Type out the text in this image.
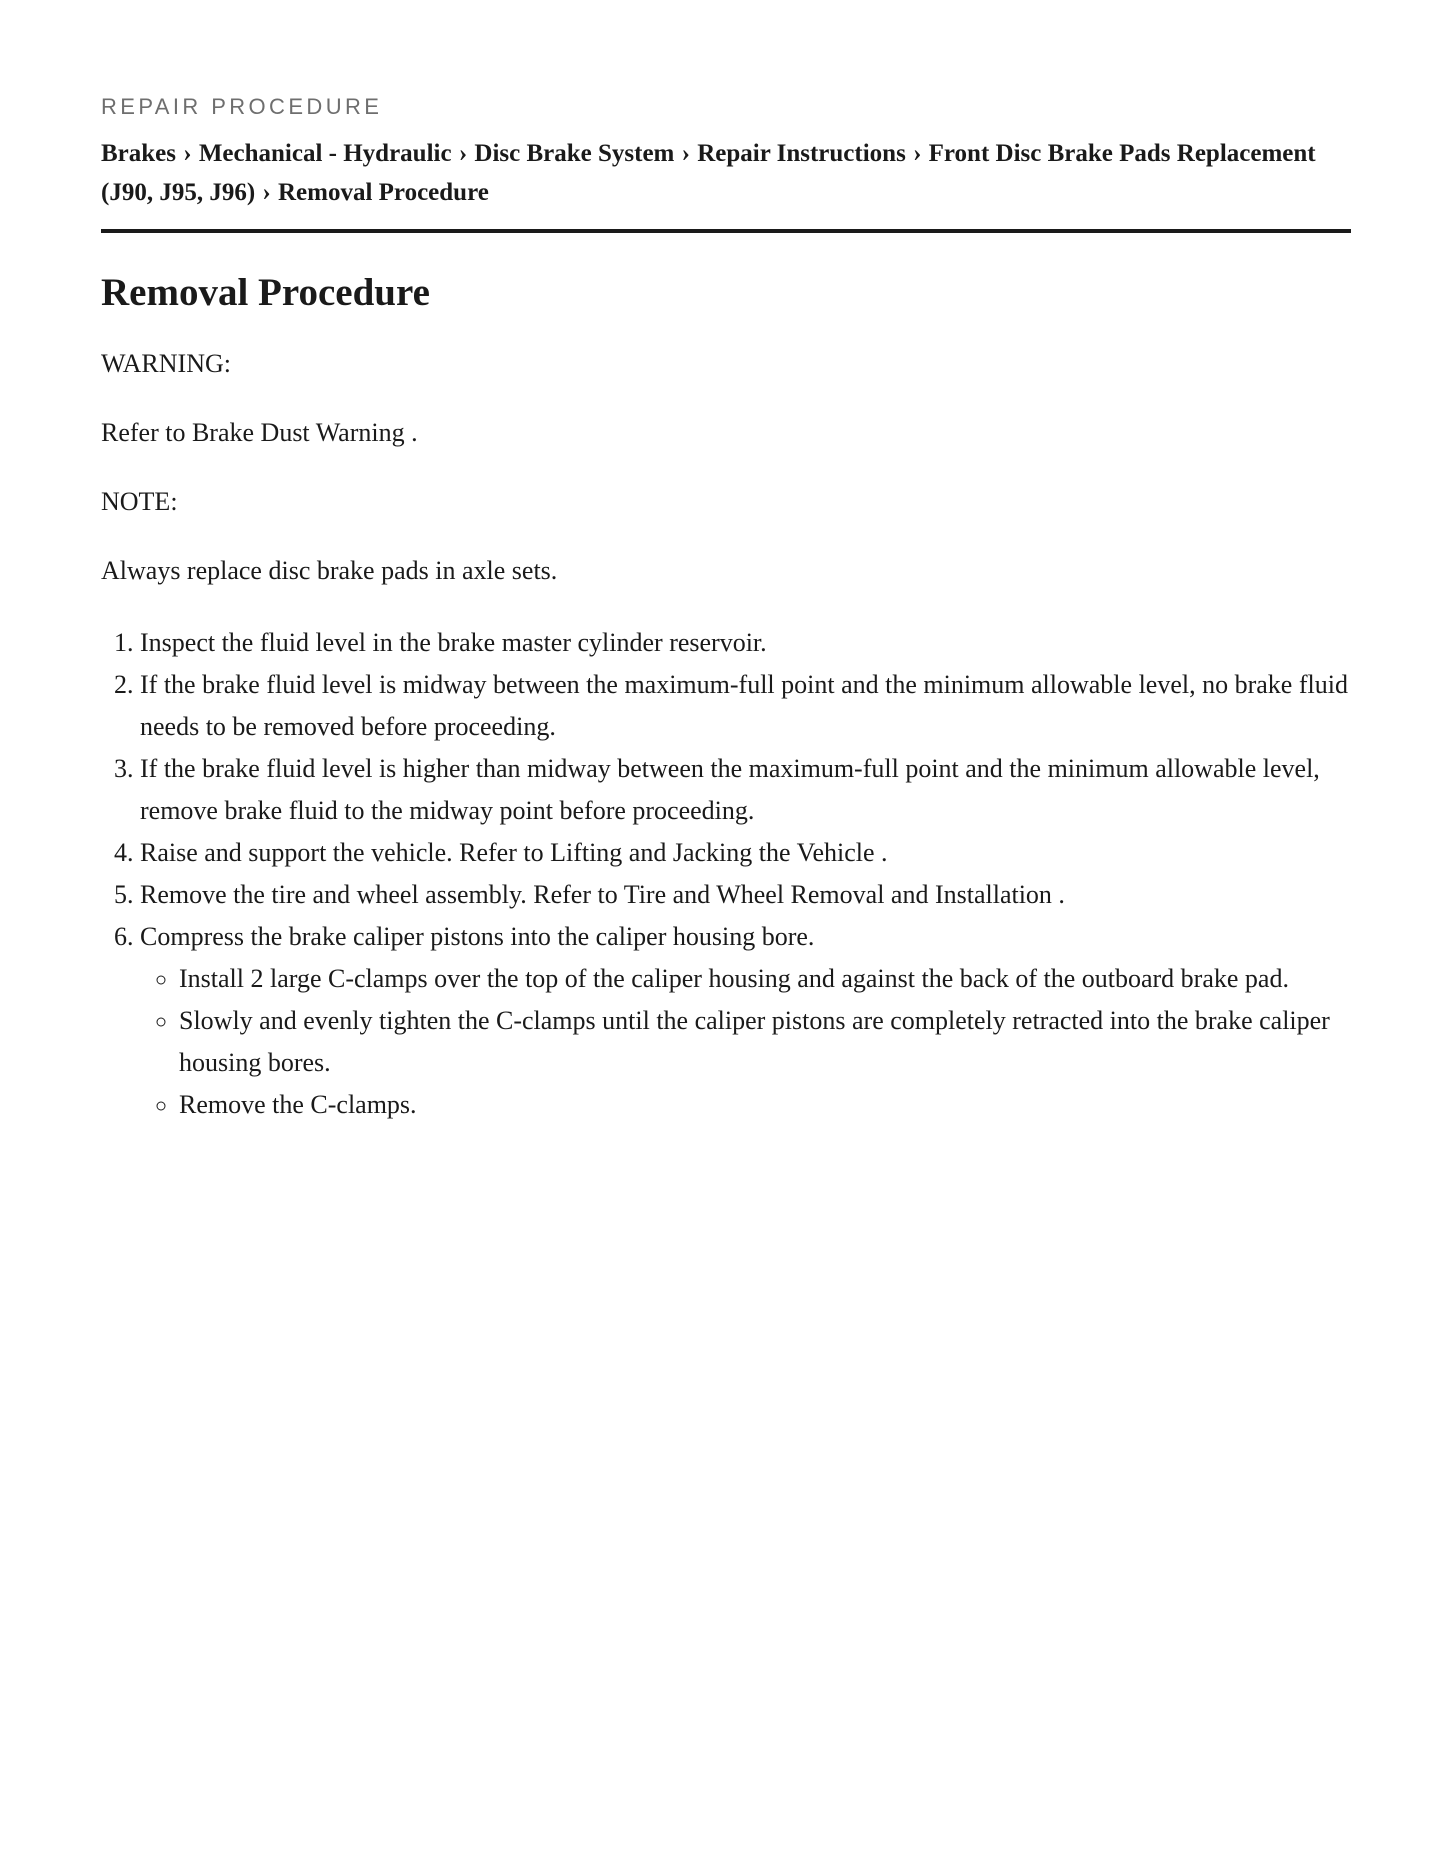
REPAIR PROCEDURE
Brakes › Mechanical - Hydraulic › Disc Brake System › Repair Instructions › Front Disc Brake Pads Replacement (J90, J95, J96) › Removal Procedure
Removal Procedure

WARNING:

Refer to Brake Dust Warning .

NOTE:

Always replace disc brake pads in axle sets.

1. Inspect the fluid level in the brake master cylinder reservoir.
2. If the brake fluid level is midway between the maximum-full point and the minimum allowable level, no brake fluid needs to be removed before proceeding.
3. If the brake fluid level is higher than midway between the maximum-full point and the minimum allowable level, remove brake fluid to the midway point before proceeding.
4. Raise and support the vehicle. Refer to Lifting and Jacking the Vehicle .
5. Remove the tire and wheel assembly. Refer to Tire and Wheel Removal and Installation .
6. Compress the brake caliper pistons into the caliper housing bore.
◦ Install 2 large C-clamps over the top of the caliper housing and against the back of the outboard brake pad.
◦ Slowly and evenly tighten the C-clamps until the caliper pistons are completely retracted into the brake caliper housing bores.
◦ Remove the C-clamps.
